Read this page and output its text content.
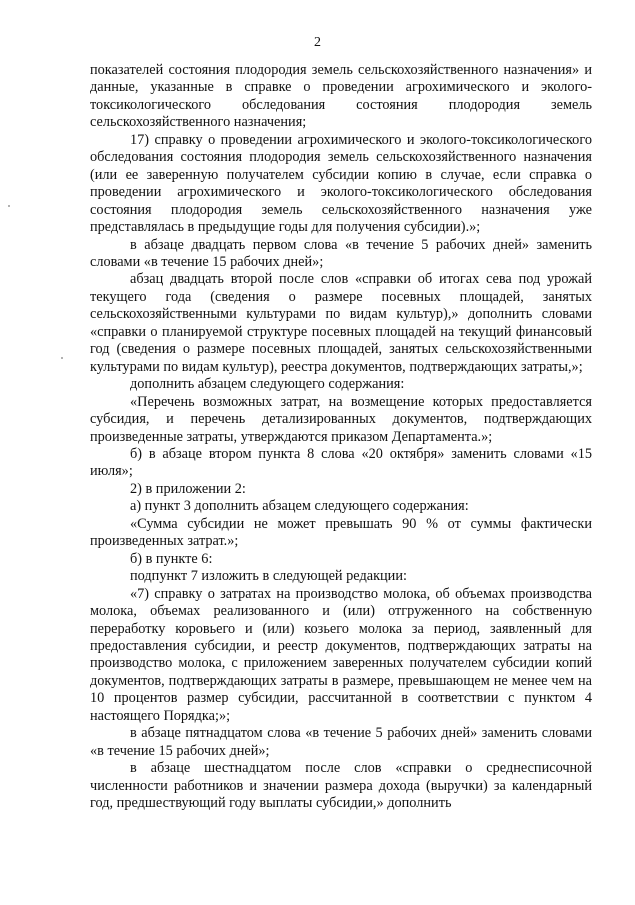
2

показателей состояния плодородия земель сельскохозяйственного назначения» и данные, указанные в справке о проведении агрохимического и эколого-токсикологического обследования состояния плодородия земель сельскохозяйственного назначения;

17) справку о проведении агрохимического и эколого-токсикологического обследования состояния плодородия земель сельскохозяйственного назначения (или ее заверенную получателем субсидии копию в случае, если справка о проведении агрохимического и эколого-токсикологического обследования состояния плодородия земель сельскохозяйственного назначения уже представлялась в предыдущие годы для получения субсидии).»;

в абзаце двадцать первом слова «в течение 5 рабочих дней» заменить словами «в течение 15 рабочих дней»;

абзац двадцать второй после слов «справки об итогах сева под урожай текущего года (сведения о размере посевных площадей, занятых сельскохозяйственными культурами по видам культур),» дополнить словами «справки о планируемой структуре посевных площадей на текущий финансовый год (сведения о размере посевных площадей, занятых сельскохозяйственными культурами по видам культур), реестра документов, подтверждающих затраты,»;

дополнить абзацем следующего содержания:

«Перечень возможных затрат, на возмещение которых предоставляется субсидия, и перечень детализированных документов, подтверждающих произведенные затраты, утверждаются приказом Департамента.»;

б) в абзаце втором пункта 8 слова «20 октября» заменить словами «15 июля»;

2) в приложении 2:

а) пункт 3 дополнить абзацем следующего содержания:

«Сумма субсидии не может превышать 90 % от суммы фактически произведенных затрат.»;

б) в пункте 6:

подпункт 7 изложить в следующей редакции:

«7) справку о затратах на производство молока, об объемах производства молока, объемах реализованного и (или) отгруженного на собственную переработку коровьего и (или) козьего молока за период, заявленный для предоставления субсидии, и реестр документов, подтверждающих затраты на производство молока, с приложением заверенных получателем субсидии копий документов, подтверждающих затраты в размере, превышающем не менее чем на 10 процентов размер субсидии, рассчитанной в соответствии с пунктом 4 настоящего Порядка;»;

в абзаце пятнадцатом слова «в течение 5 рабочих дней» заменить словами «в течение 15 рабочих дней»;

в абзаце шестнадцатом после слов «справки о среднесписочной численности работников и значении размера дохода (выручки) за календарный год, предшествующий году выплаты субсидии,» дополнить
